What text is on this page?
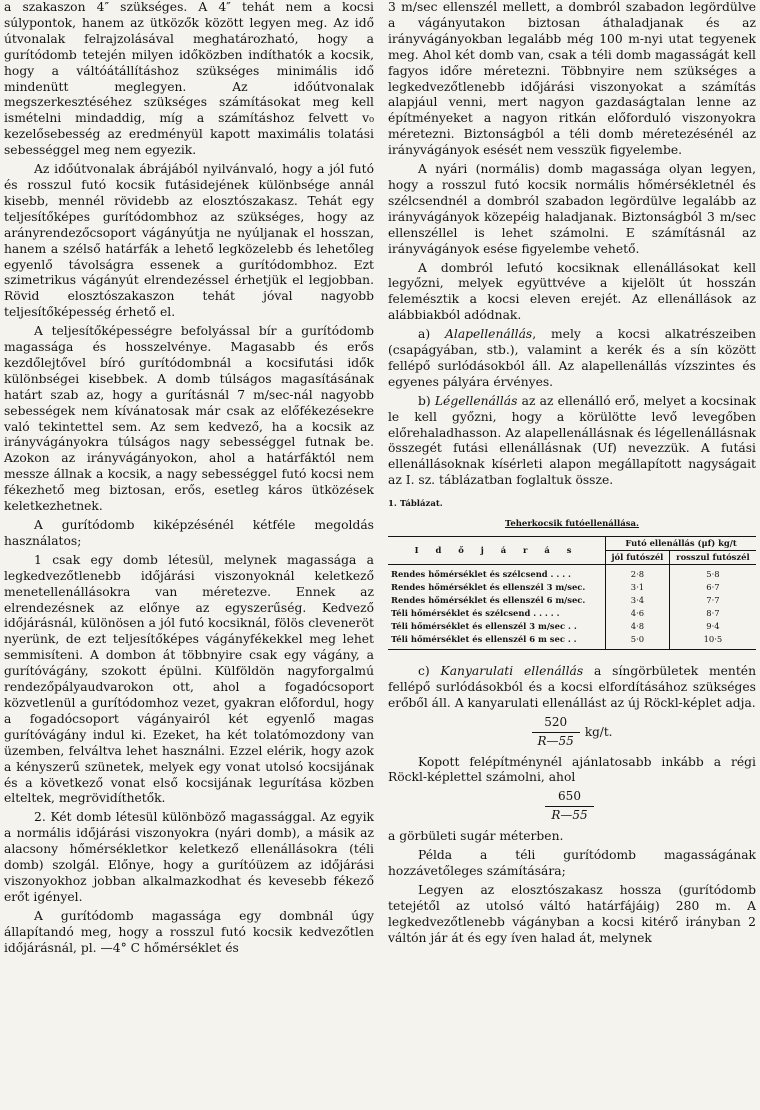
a szakaszon 4″ szükséges. A 4″ tehát nem a kocsi súlypontok, hanem az ütközők között legyen meg. Az idő útvonalak felrajzolásával meghatározható, hogy a gurítódomb tetején milyen időközben indíthatók a kocsik, hogy a váltóátállításhoz szükséges minimális idő mindenütt meglegyen. Az időútvonalak megszerkesztéséhez szükséges számításokat meg kell ismételni mindaddig, míg a számításhoz felvett v₀ kezelősebesség az eredményül kapott maximális tolatási sebességgel meg nem egyezik.

Az időútvonalak ábrájából nyilvánvaló, hogy a jól futó és rosszul futó kocsik futásidejének különbsége annál kisebb, mennél rövidebb az elosztószakasz. Tehát egy teljesítőképes gurítódombhoz az szükséges, hogy az arányrendezőcsoport vágányútja ne nyúljanak el hosszan, hanem a szélső határfák a lehető legközelebb és lehetőleg egyenlő távolságra essenek a gurítódombhoz. Ezt szimetrikus vágányút elrendezéssel érhetjük el legjobban. Rövid elosztószakaszon tehát jóval nagyobb teljesítőképesség érhető el.

A teljesítőképességre befolyással bír a gurítódomb magassága és hosszelvénye. Magasabb és erős kezdőlejtővel bíró gurítódombnál a kocsifutási idők különbségei kisebbek. A domb túlságos magasításának határt szab az, hogy a gurításnál 7 m/sec-nál nagyobb sebességek nem kívánatosak már csak az előfékezésekre való tekintettel sem. Az sem kedvező, ha a kocsik az irányvágányokra túlságos nagy sebességgel futnak be. Azokon az irányvágányokon, ahol a határfáktól nem messze állnak a kocsik, a nagy sebességgel futó kocsi nem fékezhető meg biztosan, erős, esetleg káros ütközések keletkezhetnek.

A gurítódomb kiképzésénél kétféle megoldás használatos;

1 csak egy domb létesül, melynek magassága a legkedvezőtlenebb időjárási viszonyoknál keletkező menetellenállásokra van méretezve. Ennek az elrendezésnek az előnye az egyszerűség. Kedvező időjárásnál, különösen a jól futó kocsiknál, fölös cleveneröt nyerünk, de ezt teljesítőképes vágányfékekkel meg lehet semmisíteni. A dombon át többnyire csak egy vágány, a gurítóvágány, szokott épülni. Külföldön nagyforgalmú rendezőpályaudvarokon ott, ahol a fogadócsoport közvetlenül a gurítódomhoz vezet, gyakran előfordul, hogy a fogadócsoport vágányairól két egyenlő magas gurítóvágány indul ki. Ezeket, ha két tolatómozdony van üzemben, felváltva lehet használni. Ezzel elérik, hogy azok a kényszerű szünetek, melyek egy vonat utolsó kocsijának és a következő vonat első kocsijának legurítása közben elteltek, megrövidíthetők.

2. Két domb létesül különböző magassággal. Az egyik a normális időjárási viszonyokra (nyári domb), a másik az alacsony hőmérsékletkor keletkező ellenállásokra (téli domb) szolgál. Előnye, hogy a gurítóüzem az időjárási viszonyokhoz jobban alkalmazkodhat és kevesebb fékező erőt igényel.

A gurítódomb magassága egy dombnál úgy állapítandó meg, hogy a rosszul futó kocsik kedvezőtlen időjárásnál, pl. —4° C hőmérséklet és

3 m/sec ellenszél mellett, a dombról szabadon legördülve a vágányutakon biztosan áthaladjanak és az irányvágányokban legalább még 100 m-nyi utat tegyenek meg. Ahol két domb van, csak a téli domb magasságát kell fagyos időre méretezni. Többnyire nem szükséges a legkedvezőtlenebb időjárási viszonyokat a számítás alapjául venni, mert nagyon gazdaságtalan lenne az építményeket a nagyon ritkán előforduló viszonyokra méretezni. Biztonságból a téli domb méretezésénél az irányvágányok esését nem vesszük figyelembe.

A nyári (normális) domb magassága olyan legyen, hogy a rosszul futó kocsik normális hőmérsékletnél és szélcsendnél a dombról szabadon legördülve legalább az irányvágányok közepéig haladjanak. Biztonságból 3 m/sec ellenszéllel is lehet számolni. E számításnál az irányvágányok esése figyelembe vehető.

A dombról lefutó kocsiknak ellenállásokat kell legyőzni, melyek együttvéve a kijelölt út hosszán felemésztik a kocsi eleven erejét. Az ellenállások az alábbiakból adódnak.

a) Alapellenállás, mely a kocsi alkatrészeiben (csapágyában, stb.), valamint a kerék és a sín között fellépő surlódásokból áll. Az alapellenállás vízszintes és egyenes pályára érvényes.

b) Légellenállás az az ellenálló erő, melyet a kocsinak le kell győzni, hogy a körülötte levő levegőben előrehaladhasson. Az alapellenállásnak és légellenállásnak összegét futási ellenállásnak (Uf) nevezzük. A futási ellenállásoknak kísérleti alapon megállapított nagyságait az I. sz. táblázatban foglaltuk össze.

1. Táblázat.
Teherkocsik futóellenállása.
I d ő j á r á s	Futó ellenállás (μf) kg/t	
	jól futószél	rosszul futószél
Rendes hőmérséklet és szélcsend . . . .	2·8	5·8
Rendes hőmérséklet és ellenszél 3 m/sec.	3·1	6·7
Rendes hőmérséklet és ellenszél 6 m/sec.	3·4	7·7
Téli hőmérséklet és szélcsend . . . . .	4·6	8·7
Téli hőmérséklet és ellenszél 3 m/sec . .	4·8	9·4
Téli hőmérséklet és ellenszél 6 m sec . .	5·0	10·5

c) Kanyarulati ellenállás a síngörbületek mentén fellépő surlódásokból és a kocsi elfordításához szükséges erőből áll. A kanyarulati ellenállást az új Röckl-képlet adja.

$\frac{520}{R—55} kg/t$.

Kopott felépítménynél ajánlatosabb inkább a régi Röckl-képlettel számolni, ahol

$\frac{650}{R—55}$

a görbületi sugár méterben.

Példa a téli gurítódomb magasságának hozzávetőleges számítására;

Legyen az elosztószakasz hossza (gurítódomb tetejétől az utolsó váltó határfájáig) 280 m. A legkedvezőtlenebb vágányban a kocsi kitérő irányban 2 váltón jár át és egy íven halad át, melynek
